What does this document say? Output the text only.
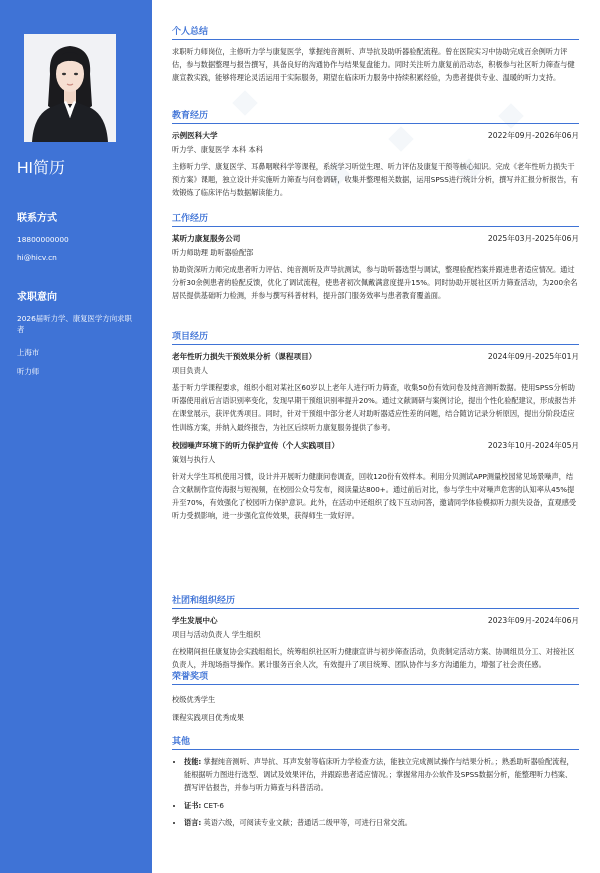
HI简历
联系方式
18800000000
hi@hicv.cn
求职意向
2026届听力学、康复医学方向求职者
上海市
听力师
个人总结
求职听力师岗位，主修听力学与康复医学，掌握纯音测听、声导抗及助听器验配流程。曾在医院实习中协助完成百余例听力评估，参与数据整理与报告撰写，具备良好的沟通协作与结果复盘能力。同时关注听力康复前沿动态，积极参与社区听力筛查与健康宣教实践，能够将理论灵活运用于实际服务，期望在临床听力服务中持续积累经验，为患者提供专业、温暖的听力支持。
教育经历
示例医科大学	2022年09月-2026年06月
听力学、康复医学 本科 本科
主修听力学、康复医学、耳鼻咽喉科学等课程，系统学习听觉生理、听力评估及康复干预等核心知识。完成《老年性听力损失干预方案》课题，独立设计并实施听力筛查与问卷调研，收集并整理相关数据，运用SPSS进行统计分析，撰写并汇报分析报告，有效锻炼了临床评估与数据解读能力。
工作经历
某听力康复服务公司	2025年03月-2025年06月
听力师助理 助听器验配部
协助资深听力师完成患者听力评估、纯音测听及声导抗测试，参与助听器选型与调试，整理验配档案并跟进患者适应情况。通过分析30余例患者的验配反馈，优化了调试流程，使患者初次佩戴满意度提升15%。同时协助开展社区听力筛查活动，为200余名居民提供基础听力检测，并参与撰写科普材料，提升部门服务效率与患者教育覆盖面。
项目经历
老年性听力损失干预效果分析（课程项目）	2024年09月-2025年01月
项目负责人
基于听力学课程要求，组织小组对某社区60岁以上老年人进行听力筛查，收集50份有效问卷及纯音测听数据。使用SPSS分析助听器使用前后言语识别率变化，发现早期干预组识别率提升20%。通过文献调研与案例讨论，提出个性化验配建议，形成报告并在课堂展示，获评优秀项目。同时，针对干预组中部分老人对助听器适应性差的问题，结合随访记录分析原因，提出分阶段适应性训练方案，并纳入最终报告，为社区后续听力康复服务提供了参考。
校园噪声环境下的听力保护宣传（个人实践项目）	2023年10月-2024年05月
策划与执行人
针对大学生耳机使用习惯，设计并开展听力健康问卷调查，回收120份有效样本。利用分贝测试APP测量校园常见场景噪声，结合文献制作宣传海报与短视频，在校园公众号发布，阅读量达800+。通过前后对比，参与学生中对噪声危害的认知率从45%提升至70%，有效强化了校园听力保护意识。此外，在活动中还组织了线下互动问答，邀请同学体验模拟听力损失设备，直观感受听力受损影响，进一步强化宣传效果，获得师生一致好评。
社团和组织经历
学生发展中心	2023年09月-2024年06月
项目与活动负责人 学生组织
在校期间担任康复协会实践组组长，统筹组织社区听力健康宣讲与初步筛查活动，负责制定活动方案、协调组员分工、对接社区负责人，并现场指导操作。累计服务百余人次，有效提升了项目统筹、团队协作与多方沟通能力，增强了社会责任感。
荣誉奖项
校级优秀学生
课程实践项目优秀成果
其他
• 技能: 掌握纯音测听、声导抗、耳声发射等临床听力学检查方法，能独立完成测试操作与结果分析。；熟悉助听器验配流程，能根据听力图进行选型、调试及效果评估，并跟踪患者适应情况。；掌握常用办公软件及SPSS数据分析，能整理听力档案、撰写评估报告，并参与听力筛查与科普活动。
• 证书: CET-6
• 语言: 英语六级，可阅读专业文献；普通话二级甲等，可进行日常交流。
